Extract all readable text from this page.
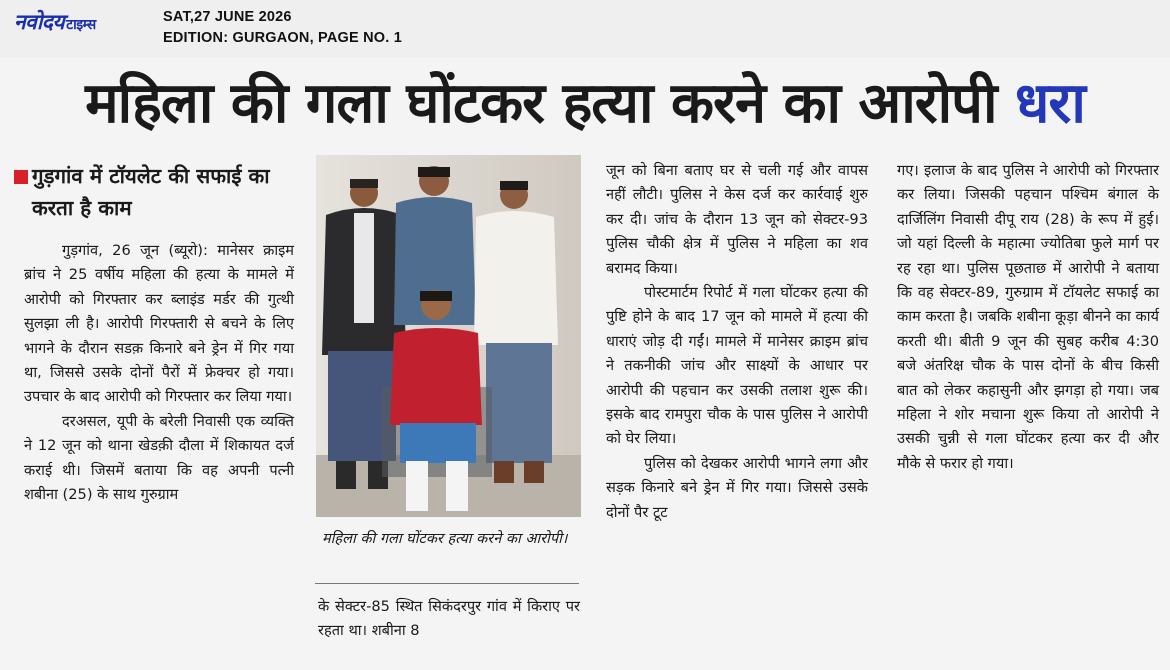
नवोदय टाइम्स	SAT,27 JUNE 2026
EDITION: GURGAON, PAGE NO. 1
महिला की गला घोंटकर हत्या करने का आरोपी धरा
गुड़गांव में टॉयलेट की सफाई का करता है काम

गुड़गांव, 26 जून (ब्यूरो): मानेसर क्राइम ब्रांच ने 25 वर्षीय महिला की हत्या के मामले में आरोपी को गिरफ्तार कर ब्लाइंड मर्डर की गुत्थी सुलझा ली है। आरोपी गिरफ्तारी से बचने के लिए भागने के दौरान सडक़ किनारे बने ड्रेन में गिर गया था, जिससे उसके दोनों पैरों में फ्रेक्चर हो गया। उपचार के बाद आरोपी को गिरफ्तार कर लिया गया।

दरअसल, यूपी के बरेली निवासी एक व्यक्ति ने 12 जून को थाना खेडक़ी दौला में शिकायत दर्ज कराई थी। जिसमें बताया कि वह अपनी पत्नी शबीना (25) के साथ गुरुग्राम

महिला की गला घोंटकर हत्या करने का आरोपी।
के सेक्टर-85 स्थित सिकंदरपुर गांव में किराए पर रहता था। शबीना 8

जून को बिना बताए घर से चली गई और वापस नहीं लौटी। पुलिस ने केस दर्ज कर कार्रवाई शुरु कर दी। जांच के दौरान 13 जून को सेक्टर-93 पुलिस चौकी क्षेत्र में पुलिस ने महिला का शव बरामद किया।

पोस्टमार्टम रिपोर्ट में गला घोंटकर हत्या की पुष्टि होने के बाद 17 जून को मामले में हत्या की धाराएं जोड़ दी गईं। मामले में मानेसर क्राइम ब्रांच ने तकनीकी जांच और साक्ष्यों के आधार पर आरोपी की पहचान कर उसकी तलाश शुरू की। इसके बाद रामपुरा चौक के पास पुलिस ने आरोपी को घेर लिया।

पुलिस को देखकर आरोपी भागने लगा और सड़क किनारे बने ड्रेन में गिर गया। जिससे उसके दोनों पैर टूट

गए। इलाज के बाद पुलिस ने आरोपी को गिरफ्तार कर लिया। जिसकी पहचान पश्चिम बंगाल के दार्जिलिंग निवासी दीपू राय (28) के रूप में हुई। जो यहां दिल्ली के महात्मा ज्योतिबा फुले मार्ग पर रह रहा था। पुलिस पूछताछ में आरोपी ने बताया कि वह सेक्टर-89, गुरुग्राम में टॉयलेट सफाई का काम करता है। जबकि शबीना कूड़ा बीनने का कार्य करती थी। बीती 9 जून की सुबह करीब 4:30 बजे अंतरिक्ष चौक के पास दोनों के बीच किसी बात को लेकर कहासुनी और झगड़ा हो गया। जब महिला ने शोर मचाना शुरू किया तो आरोपी ने उसकी चुन्नी से गला घोंटकर हत्या कर दी और मौके से फरार हो गया।
